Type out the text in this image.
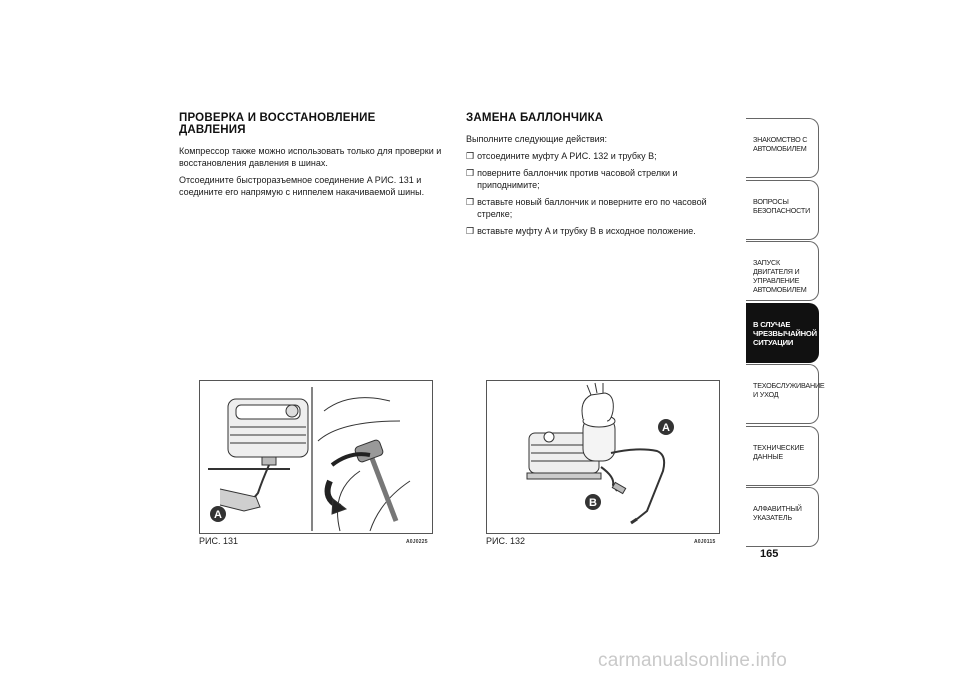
ПРОВЕРКА И ВОССТАНОВЛЕНИЕ ДАВЛЕНИЯ

Компрессор также можно использовать только для проверки и восстановления давления в шинах.

Отсоедините быстроразъемное соединение A РИС. 131 и соедините его напрямую с ниппелем накачиваемой шины.

ЗАМЕНА БАЛЛОНЧИКА

Выполните следующие действия:

❒ отсоедините муфту A РИС. 132 и трубку B;
❒ поверните баллончик против часовой стрелки и приподнимите;
❒ вставьте новый баллончик и поверните его по часовой стрелке;
❒ вставьте муфту A и трубку B в исходное положение.
A
РИС. 131	A0J0225
A
B
РИС. 132	A0J0115
ЗНАКОМСТВО С АВТОМОБИЛЕМ
ВОПРОСЫ БЕЗОПАСНОСТИ
ЗАПУСК ДВИГАТЕЛЯ И УПРАВЛЕНИЕ АВТОМОБИЛЕМ
В СЛУЧАЕ ЧРЕЗВЫЧАЙНОЙ СИТУАЦИИ
ТЕХОБСЛУЖИВАНИЕ И УХОД
ТЕХНИЧЕСКИЕ ДАННЫЕ
АЛФАВИТНЫЙ УКАЗАТЕЛЬ
165
carmanualsonline.info
